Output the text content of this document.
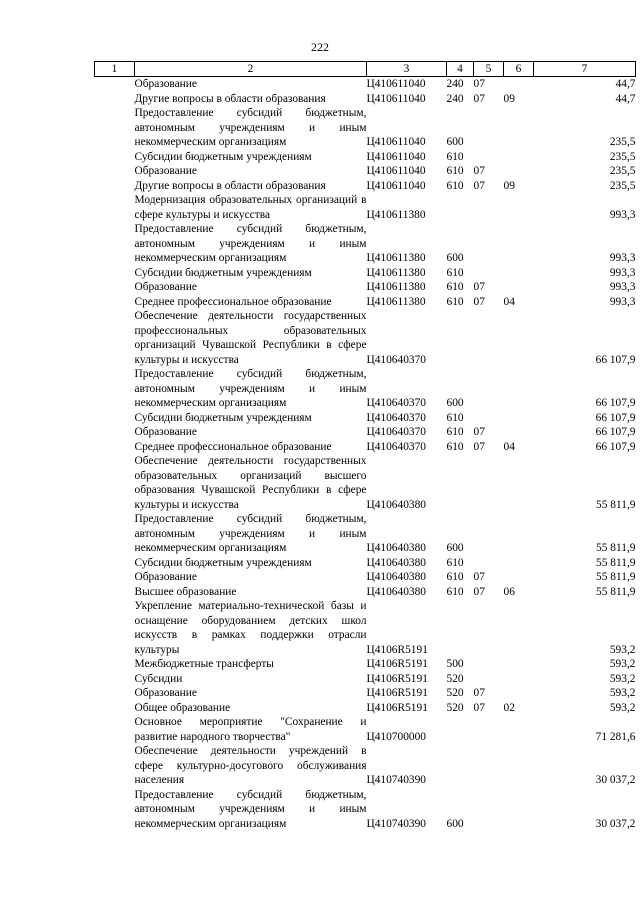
222
1	2	3	4	5	6	7
	Образование	Ц410611040	240	07		44,7
	Другие вопросы в области образования	Ц410611040	240	07	09	44,7
	Предоставление субсидий бюджетным, автономным учреждениям и иным некоммерческим организациям	Ц410611040	600			235,5
	Субсидии бюджетным учреждениям	Ц410611040	610			235,5
	Образование	Ц410611040	610	07		235,5
	Другие вопросы в области образования	Ц410611040	610	07	09	235,5
	Модернизация образовательных организаций в сфере культуры и искусства	Ц410611380				993,3
	Предоставление субсидий бюджетным, автономным учреждениям и иным некоммерческим организациям	Ц410611380	600			993,3
	Субсидии бюджетным учреждениям	Ц410611380	610			993,3
	Образование	Ц410611380	610	07		993,3
	Среднее профессиональное образование	Ц410611380	610	07	04	993,3
	Обеспечение деятельности государственных профессиональных образовательных организаций Чувашской Республики в сфере культуры и искусства	Ц410640370				66 107,9
	Предоставление субсидий бюджетным, автономным учреждениям и иным некоммерческим организациям	Ц410640370	600			66 107,9
	Субсидии бюджетным учреждениям	Ц410640370	610			66 107,9
	Образование	Ц410640370	610	07		66 107,9
	Среднее профессиональное образование	Ц410640370	610	07	04	66 107,9
	Обеспечение деятельности государственных образовательных организаций высшего образования Чувашской Республики в сфере культуры и искусства	Ц410640380				55 811,9
	Предоставление субсидий бюджетным, автономным учреждениям и иным некоммерческим организациям	Ц410640380	600			55 811,9
	Субсидии бюджетным учреждениям	Ц410640380	610			55 811,9
	Образование	Ц410640380	610	07		55 811,9
	Высшее образование	Ц410640380	610	07	06	55 811,9
	Укрепление материально-технической базы и оснащение оборудованием детских школ искусств в рамках поддержки отрасли культуры	Ц4106R5191				593,2
	Межбюджетные трансферты	Ц4106R5191	500			593,2
	Субсидии	Ц4106R5191	520			593,2
	Образование	Ц4106R5191	520	07		593,2
	Общее образование	Ц4106R5191	520	07	02	593,2
	Основное мероприятие "Сохранение и развитие народного творчества"	Ц410700000				71 281,6
	Обеспечение деятельности учреждений в сфере культурно-досугового обслуживания населения	Ц410740390				30 037,2
	Предоставление субсидий бюджетным, автономным учреждениям и иным некоммерческим организациям	Ц410740390	600			30 037,2
